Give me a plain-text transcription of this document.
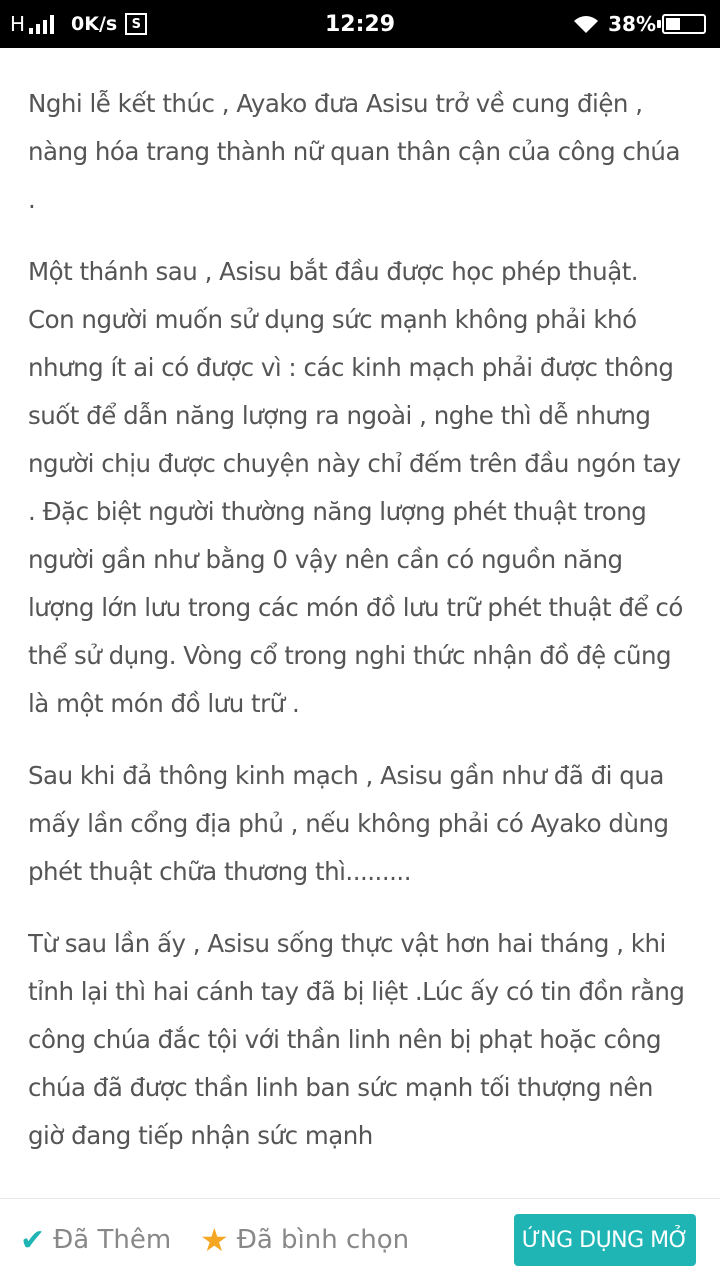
H 0K/s	S	12:29	38%

Nghi lễ kết thúc , Ayako đưa Asisu trở về cung điện , nàng hóa trang thành nữ quan thân cận của công chúa .

Một thánh sau , Asisu bắt đầu được học phép thuật. Con người muốn sử dụng sức mạnh không phải khó nhưng ít ai có được vì : các kinh mạch phải được thông suốt để dẫn năng lượng ra ngoài , nghe thì dễ nhưng người chịu được chuyện này chỉ đếm trên đầu ngón tay . Đặc biệt người thường năng lượng phét thuật trong người gần như bằng 0 vậy nên cần có nguồn năng lượng lớn lưu trong các món đồ lưu trữ phét thuật để có thể sử dụng. Vòng cổ trong nghi thức nhận đồ đệ cũng là một món đồ lưu trữ .

Sau khi đả thông kinh mạch , Asisu gần như đã đi qua mấy lần cổng địa phủ , nếu không phải có Ayako dùng phét thuật chữa thương thì.........

Từ sau lần ấy , Asisu sống thực vật hơn hai tháng , khi tỉnh lại thì hai cánh tay đã bị liệt .Lúc ấy có tin đồn rằng công chúa đắc tội với thần linh nên bị phạt hoặc công chúa đã được thần linh ban sức mạnh tối thượng nên giờ đang tiếp nhận sức mạnh

✔ Đã Thêm ★ Đã bình chọn	ỨNG DỤNG MỞ
